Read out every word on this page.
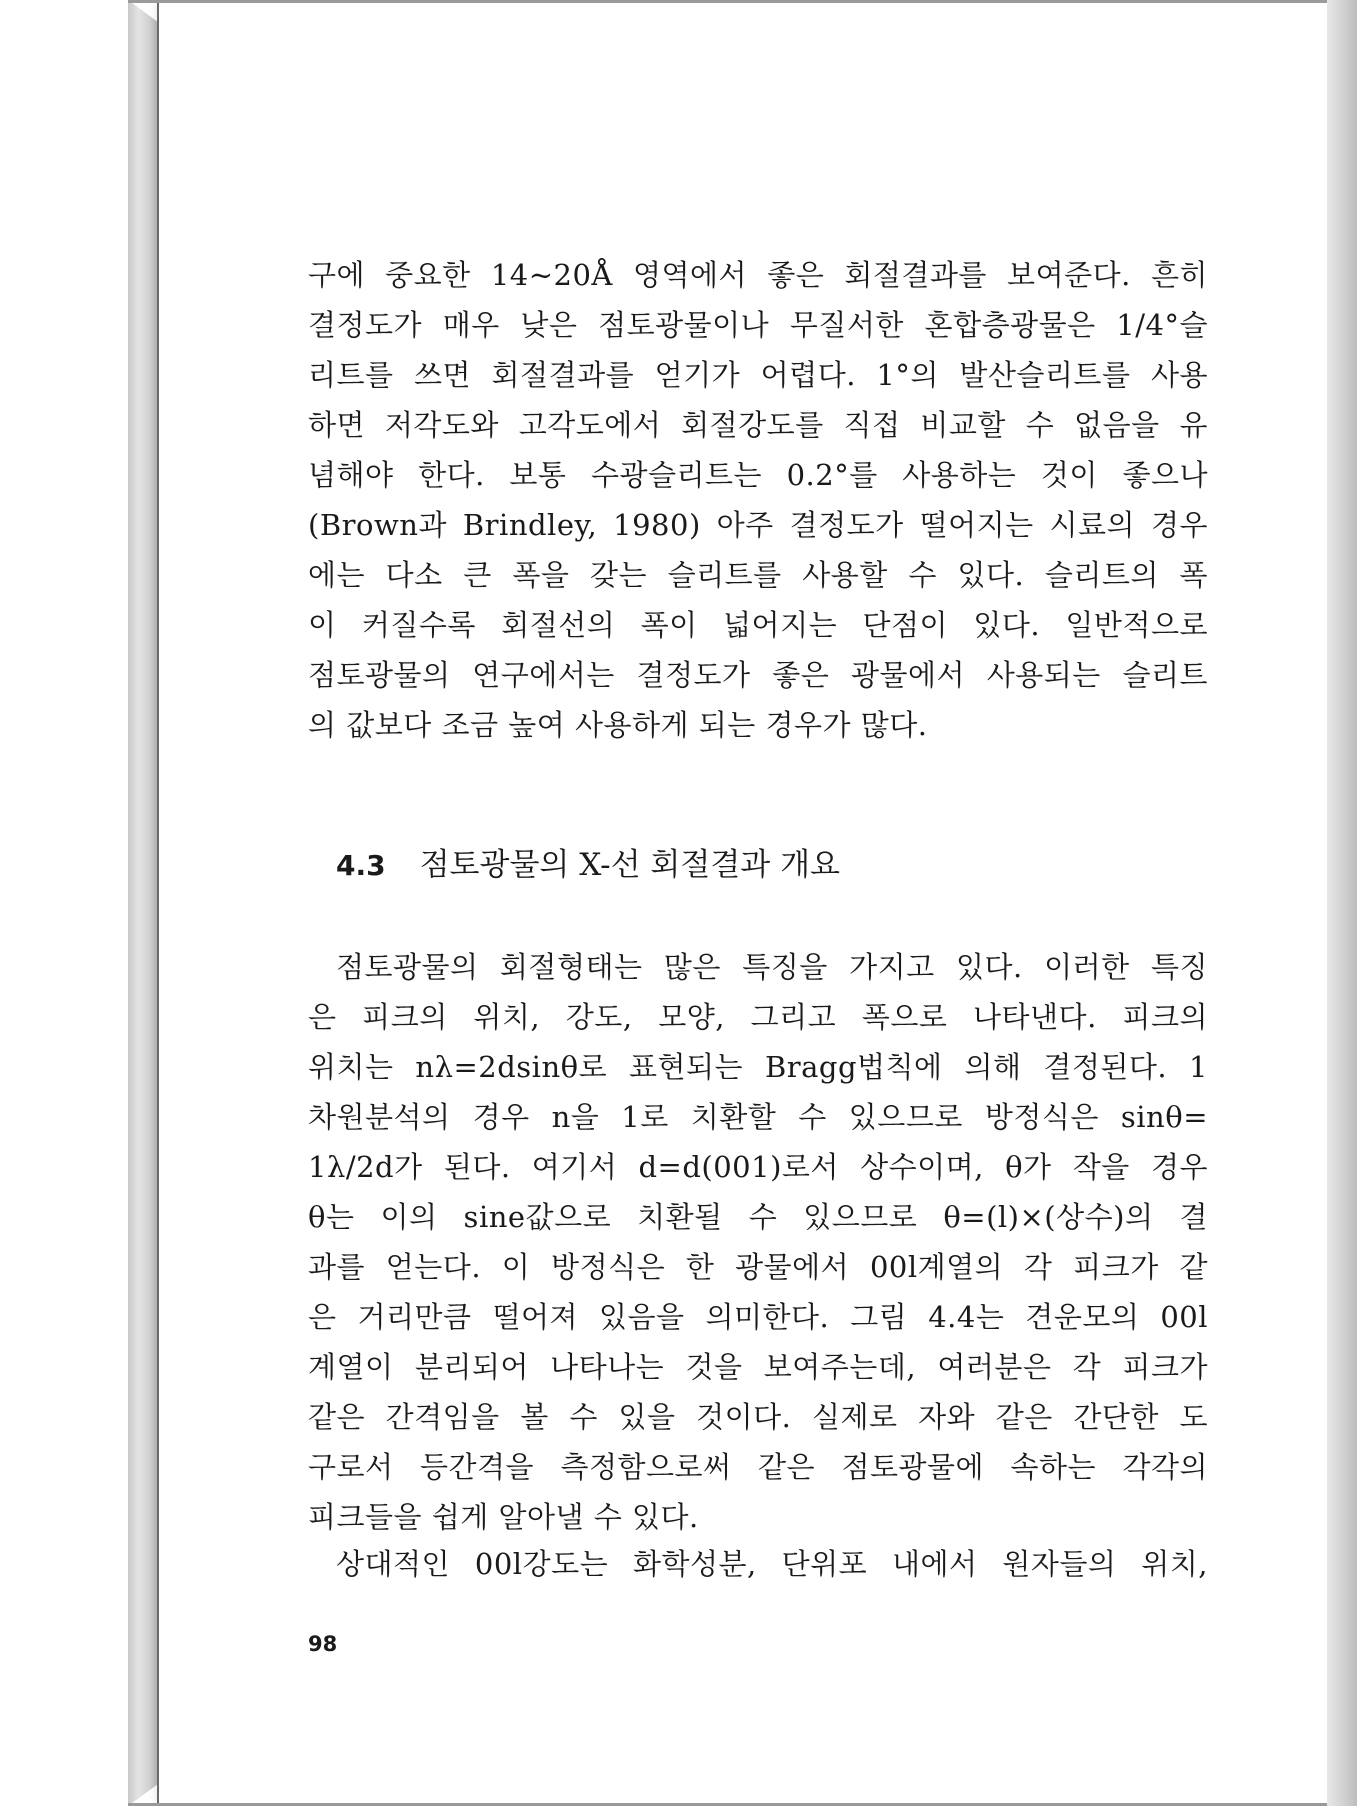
구에 중요한 14∼20Å 영역에서 좋은 회절결과를 보여준다. 흔히
결정도가 매우 낮은 점토광물이나 무질서한 혼합층광물은 1/4°슬
리트를 쓰면 회절결과를 얻기가 어렵다. 1°의 발산슬리트를 사용
하면 저각도와 고각도에서 회절강도를 직접 비교할 수 없음을 유
념해야 한다. 보통 수광슬리트는 0.2°를 사용하는 것이 좋으나
(Brown과 Brindley, 1980) 아주 결정도가 떨어지는 시료의 경우
에는 다소 큰 폭을 갖는 슬리트를 사용할 수 있다. 슬리트의 폭
이 커질수록 회절선의 폭이 넓어지는 단점이 있다. 일반적으로
점토광물의 연구에서는 결정도가 좋은 광물에서 사용되는 슬리트
의 값보다 조금 높여 사용하게 되는 경우가 많다.
4.3 점토광물의 X-선 회절결과 개요
점토광물의 회절형태는 많은 특징을 가지고 있다. 이러한 특징
은 피크의 위치, 강도, 모양, 그리고 폭으로 나타낸다. 피크의
위치는 nλ=2dsinθ로 표현되는 Bragg법칙에 의해 결정된다. 1
차원분석의 경우 n을 1로 치환할 수 있으므로 방정식은 sinθ=
1λ/2d가 된다. 여기서 d=d(001)로서 상수이며, θ가 작을 경우
θ는 이의 sine값으로 치환될 수 있으므로 θ=(l)×(상수)의 결
과를 얻는다. 이 방정식은 한 광물에서 00l계열의 각 피크가 같
은 거리만큼 떨어져 있음을 의미한다. 그림 4.4는 견운모의 00l
계열이 분리되어 나타나는 것을 보여주는데, 여러분은 각 피크가
같은 간격임을 볼 수 있을 것이다. 실제로 자와 같은 간단한 도
구로서 등간격을 측정함으로써 같은 점토광물에 속하는 각각의
피크들을 쉽게 알아낼 수 있다.
상대적인 00l강도는 화학성분, 단위포 내에서 원자들의 위치,
98
